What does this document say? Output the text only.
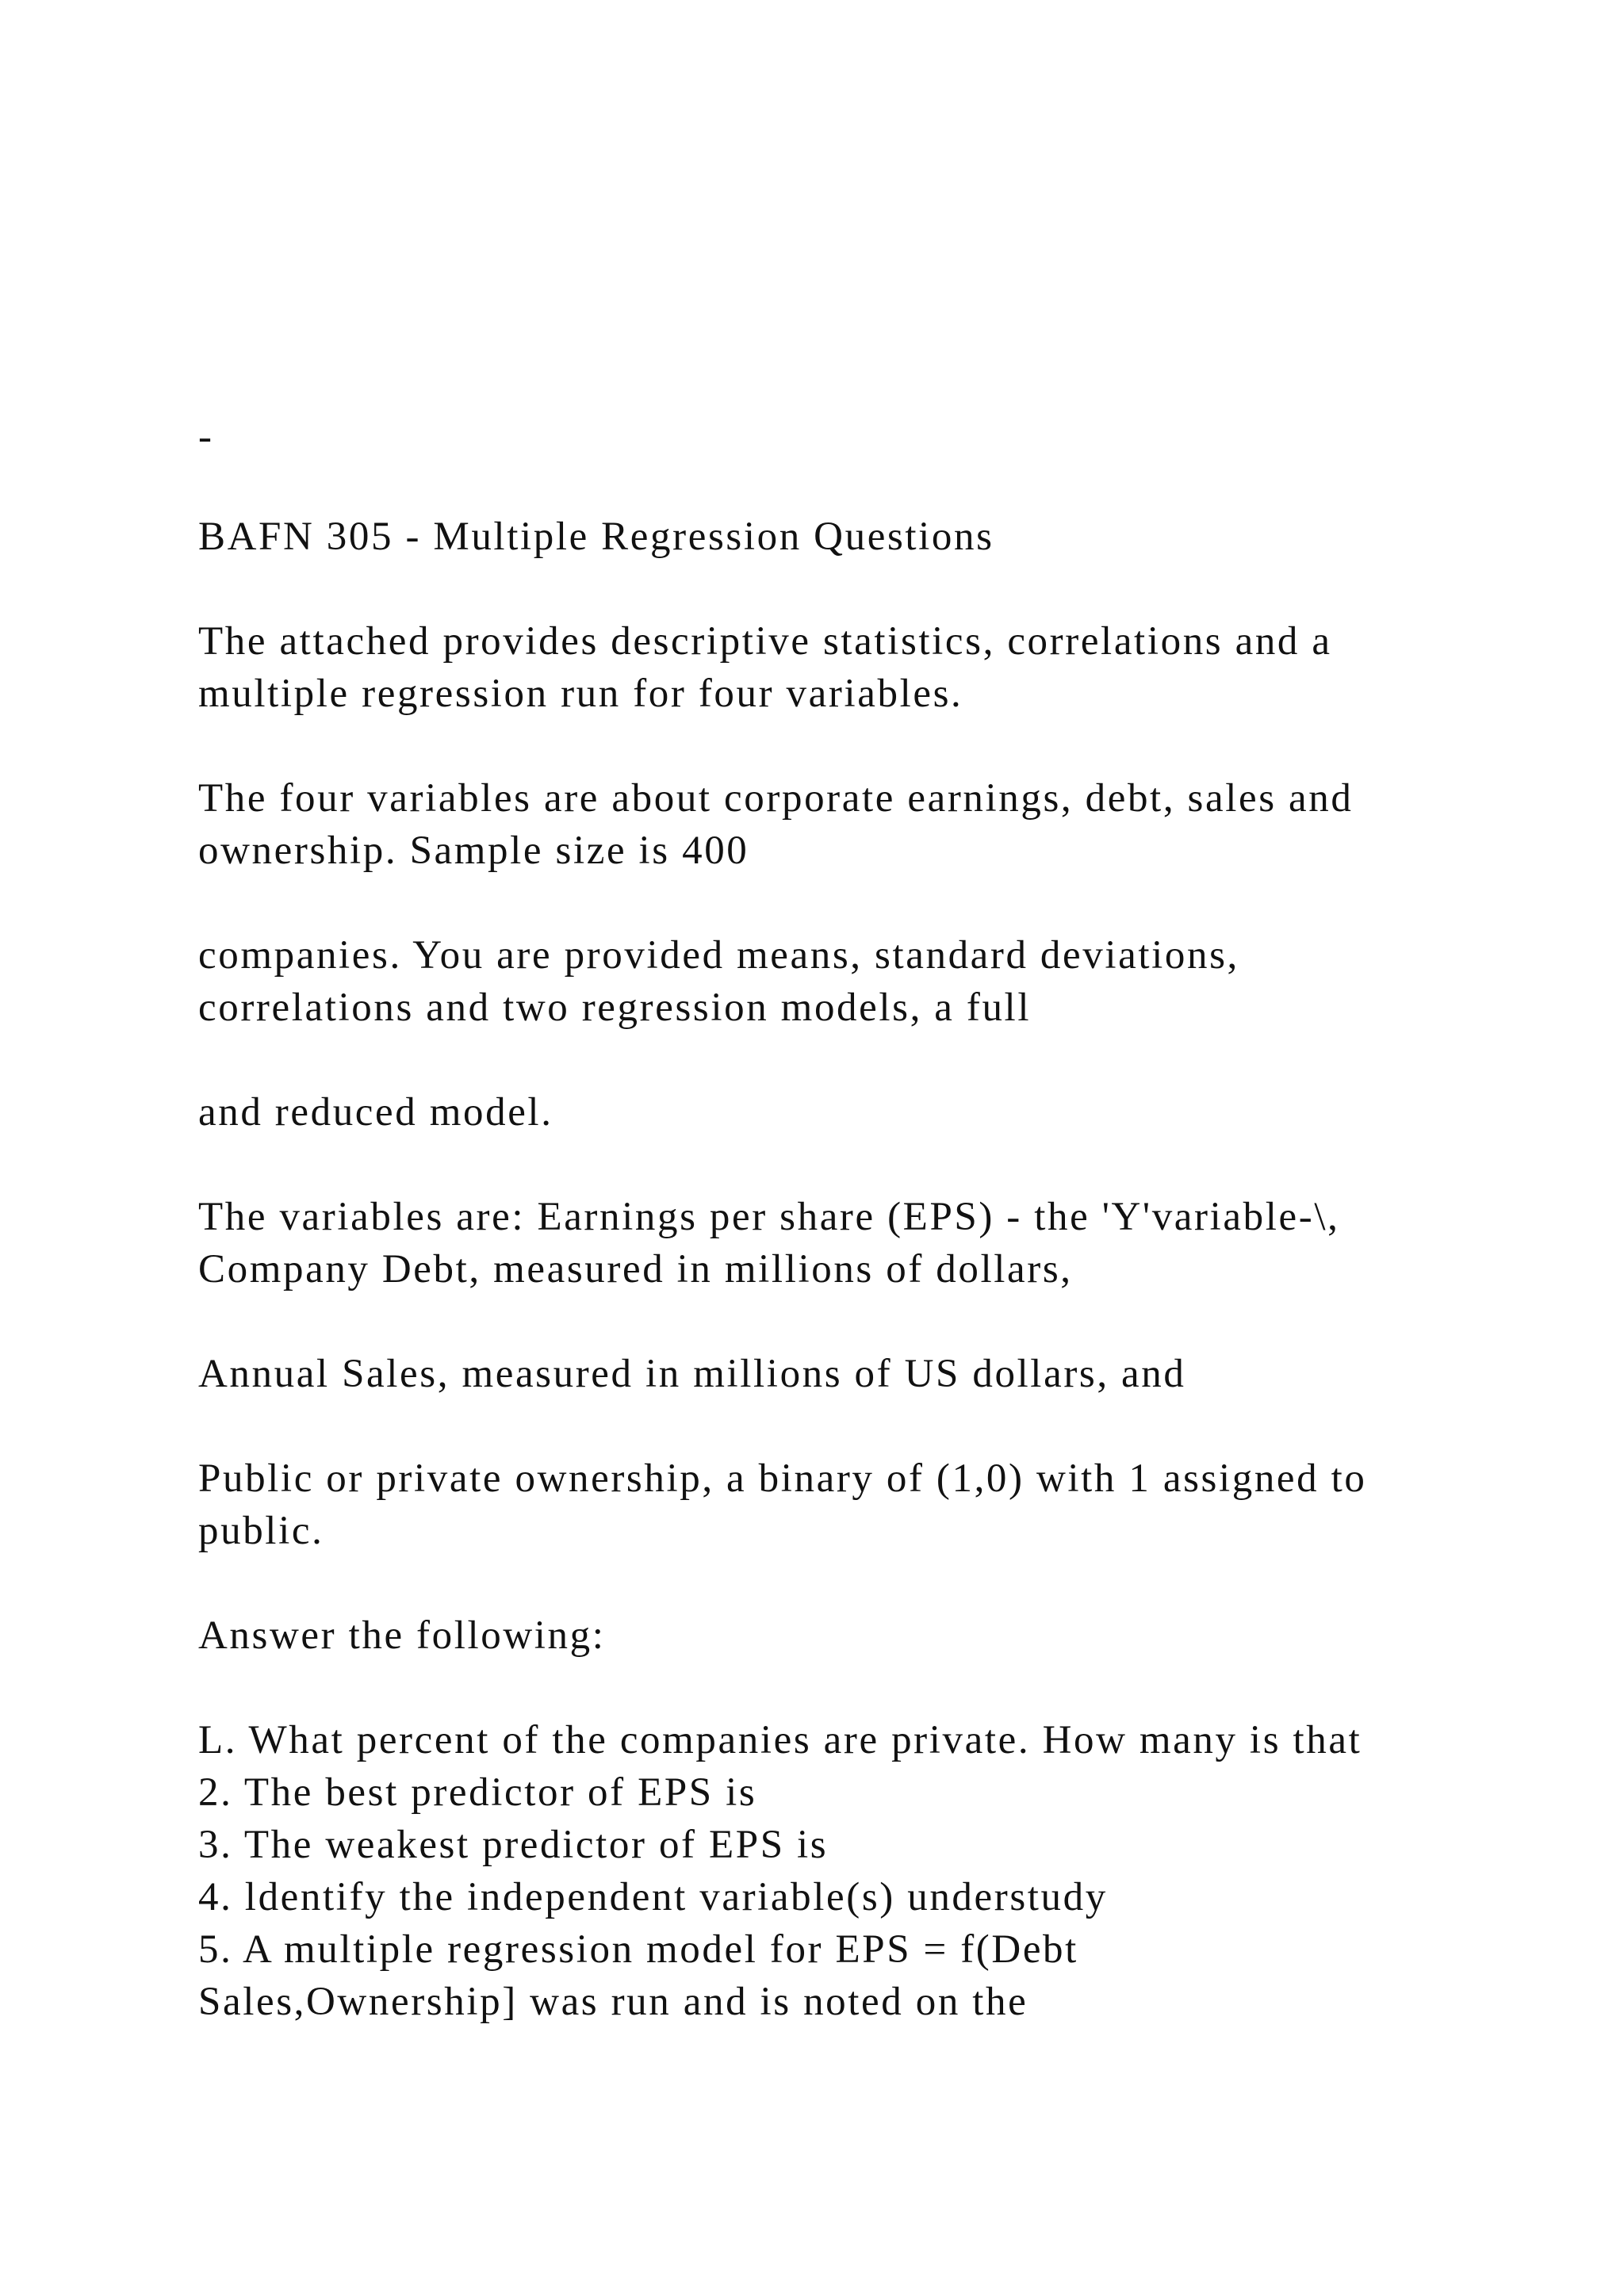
-

BAFN 305 - Multiple Regression Questions

The attached provides descriptive statistics, correlations and a

multiple regression run for four variables.

The four variables are about corporate earnings, debt, sales and

ownership. Sample size is 400

companies. You are provided means, standard deviations,

correlations and two regression models, a full

and reduced model.

The variables are: Earnings per share (EPS) - the 'Y'variable-\,

Company Debt, measured in millions of dollars,

Annual Sales, measured in millions of US dollars, and

Public or private ownership, a binary of (1,0) with 1 assigned to

public.

Answer the following:

L. What percent of the companies are private. How many is that

2. The best predictor of EPS is

3. The weakest predictor of EPS is

4. ldentify the independent variable(s) understudy

5. A multiple regression model for EPS = f(Debt

Sales,Ownership] was run and is noted on the
